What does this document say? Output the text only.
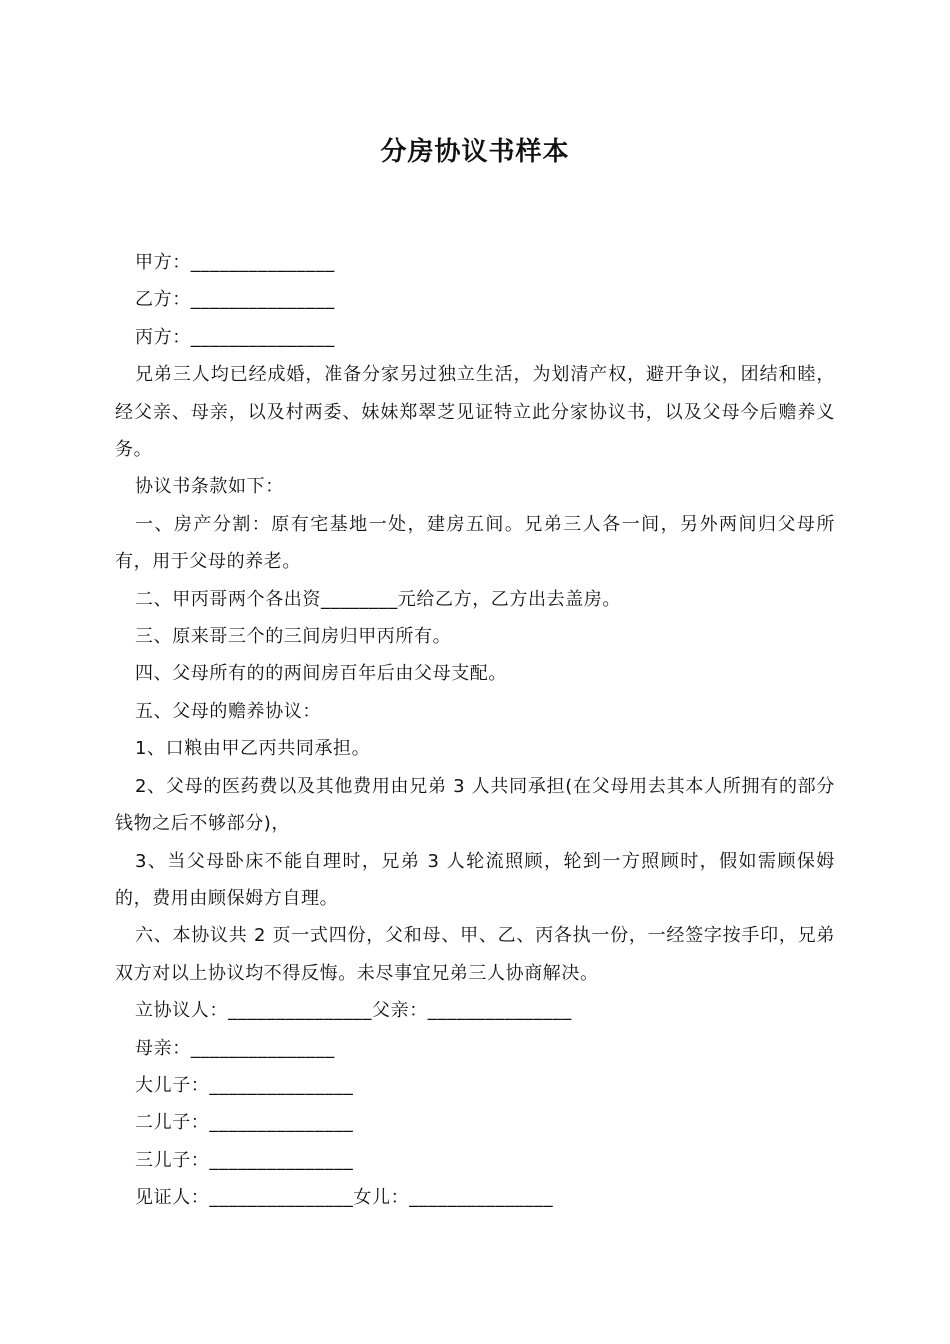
分房协议书样本

甲方：_______________

乙方：_______________

丙方：_______________

兄弟三人均已经成婚，准备分家另过独立生活，为划清产权，避开争议，团结和睦，经父亲、母亲，以及村两委、妹妹郑翠芝见证特立此分家协议书，以及父母今后赡养义务。

协议书条款如下：

一、房产分割：原有宅基地一处，建房五间。兄弟三人各一间，另外两间归父母所有，用于父母的养老。

二、甲丙哥两个各出资________元给乙方，乙方出去盖房。

三、原来哥三个的三间房归甲丙所有。

四、父母所有的的两间房百年后由父母支配。

五、父母的赡养协议：

1、口粮由甲乙丙共同承担。

2、父母的医药费以及其他费用由兄弟 3 人共同承担(在父母用去其本人所拥有的部分钱物之后不够部分)，

3、当父母卧床不能自理时，兄弟 3 人轮流照顾，轮到一方照顾时，假如需顾保姆的，费用由顾保姆方自理。

六、本协议共 2 页一式四份，父和母、甲、乙、丙各执一份，一经签字按手印，兄弟双方对以上协议均不得反悔。未尽事宜兄弟三人协商解决。

立协议人：_______________父亲：_______________

母亲：_______________

大儿子：_______________

二儿子：_______________

三儿子：_______________

见证人：_______________女儿：_______________
